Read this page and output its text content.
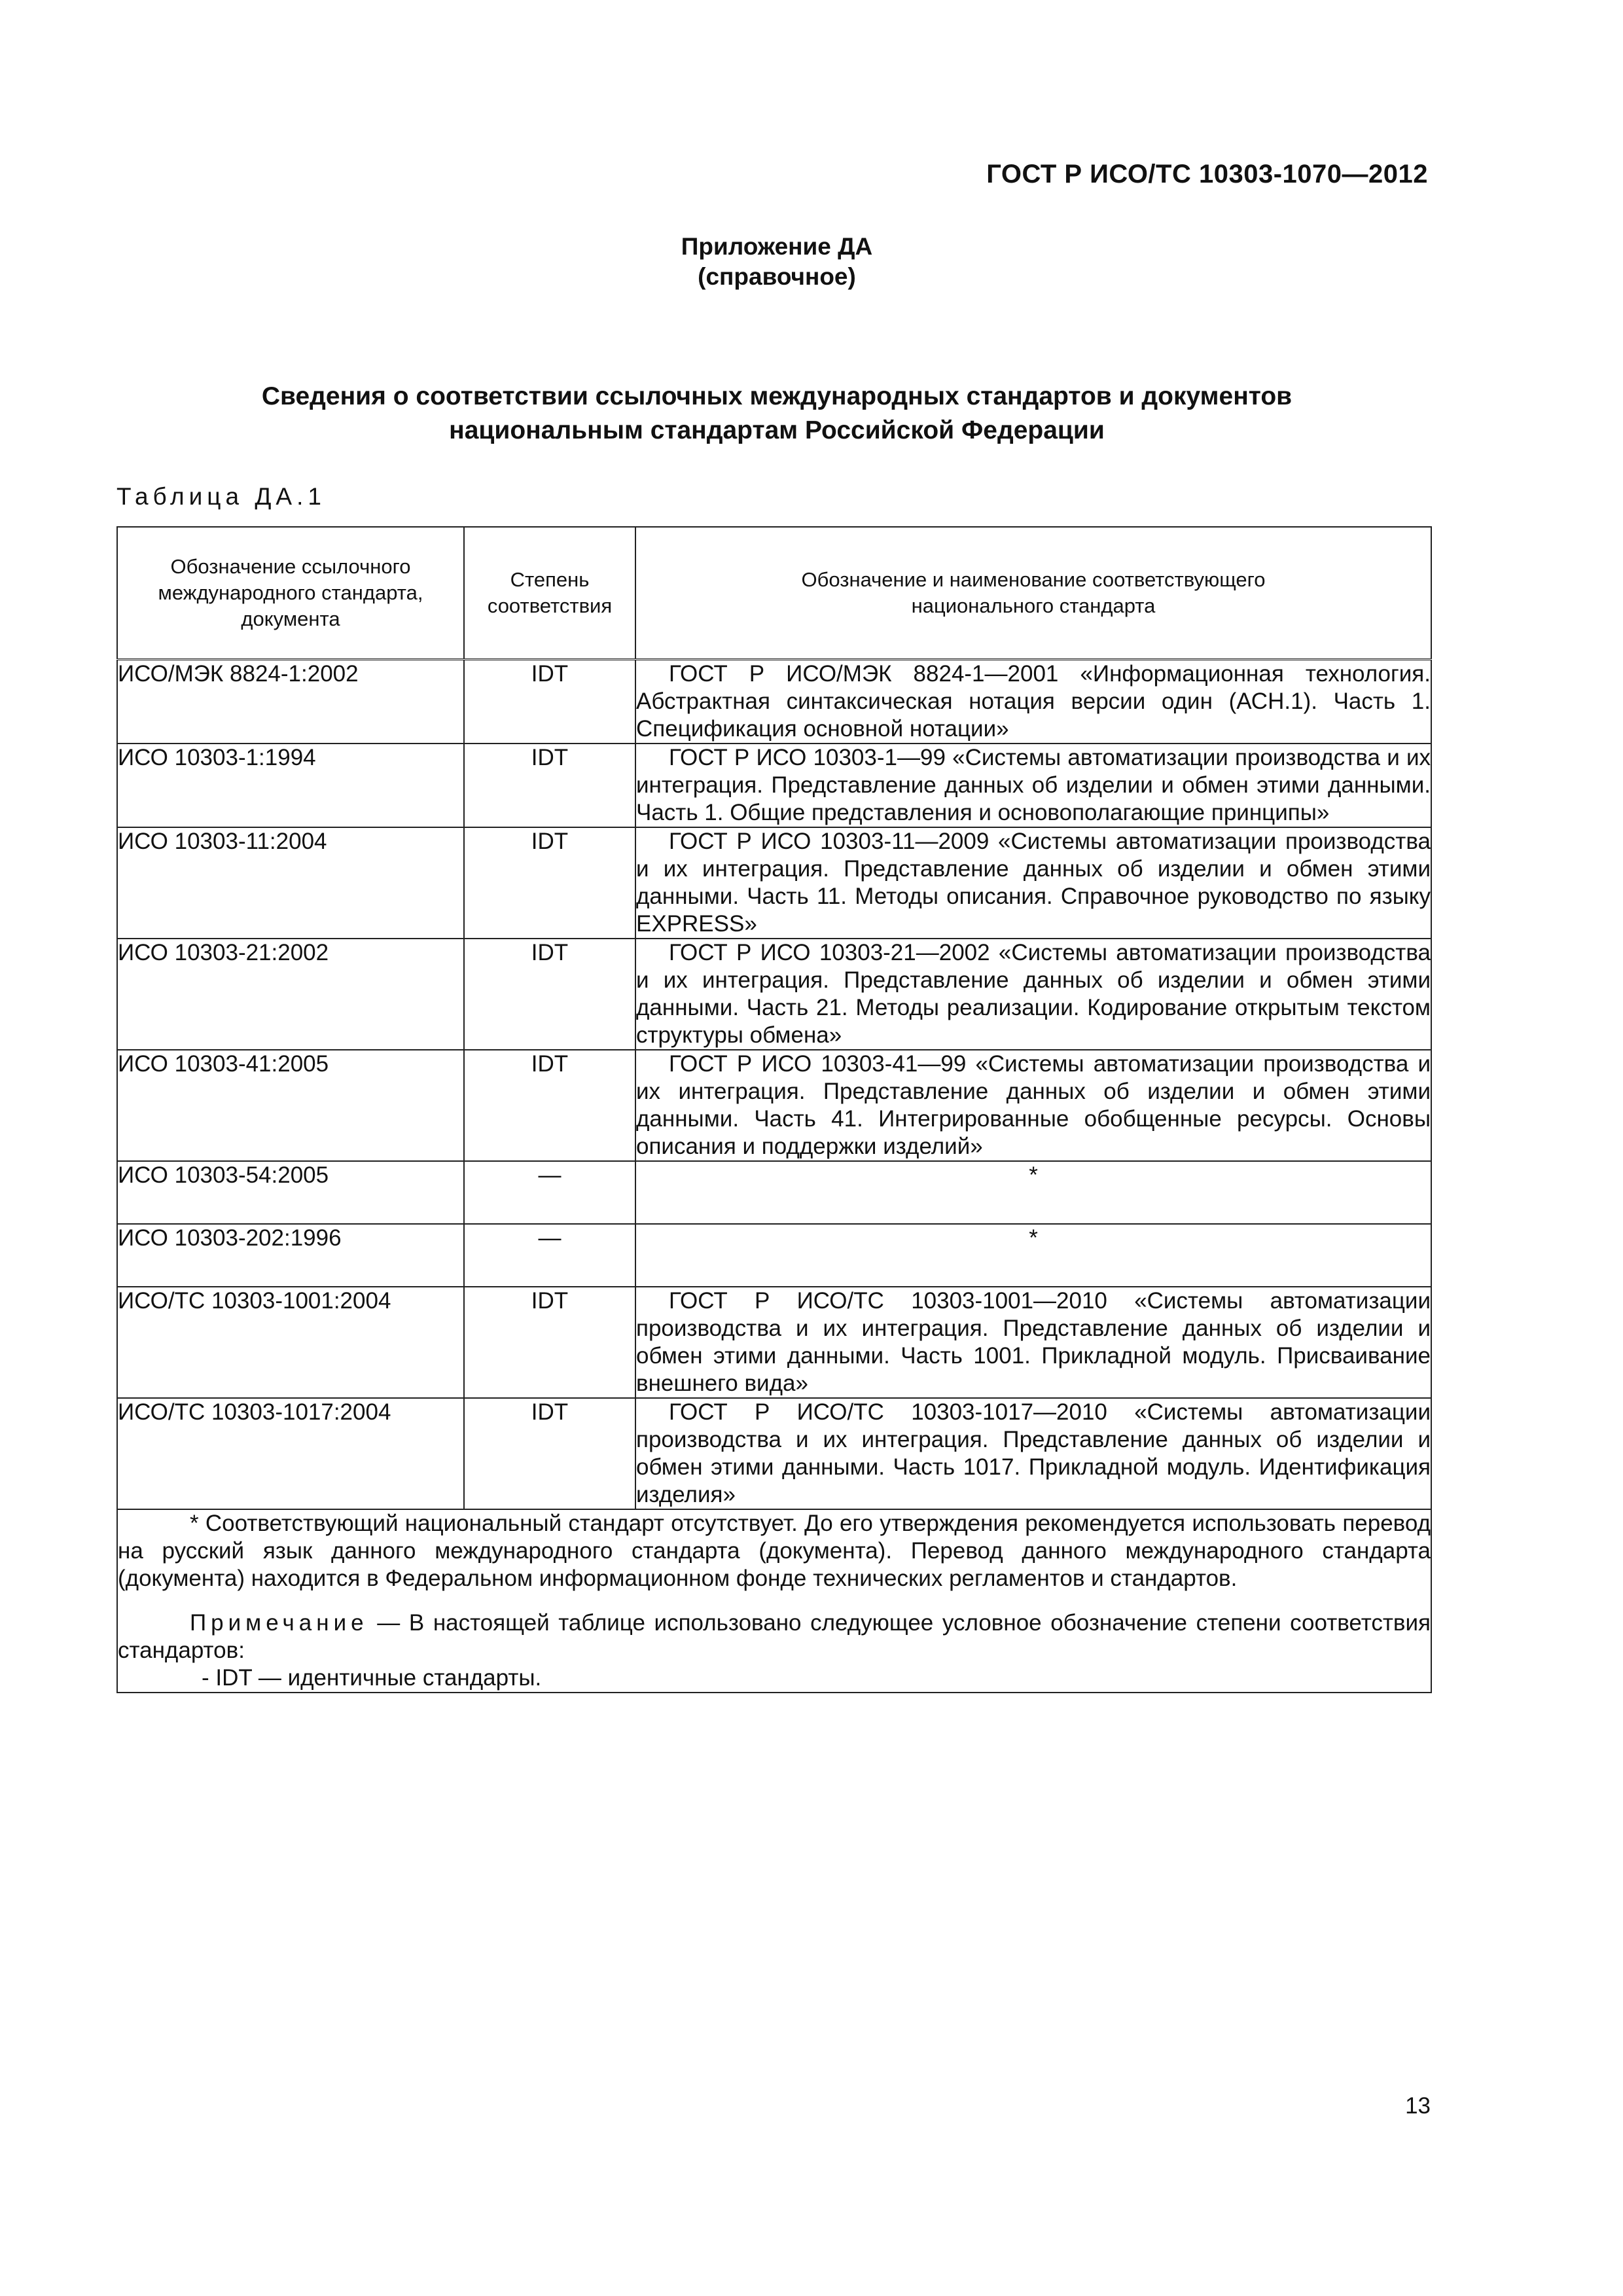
ГОСТ Р ИСО/ТС 10303-1070—2012
Приложение ДА
(справочное)
Сведения о соответствии ссылочных международных стандартов и документов
национальным стандартам Российской Федерации
Таблица ДА.1
Обозначение ссылочного международного стандарта, документа	Степень соответствия	Обозначение и наименование соответствующего национального стандарта

ИСО/МЭК 8824-1:2002	IDT	ГОСТ Р ИСО/МЭК 8824-1—2001 «Информационная технология. Абстрактная синтаксическая нотация версии один (АСН.1). Часть 1. Спецификация основной нотации»

ИСО 10303-1:1994	IDT	ГОСТ Р ИСО 10303-1—99 «Системы автоматизации производства и их интеграция. Представление данных об изделии и обмен этими данными. Часть 1. Общие представления и основополагающие принципы»

ИСО 10303-11:2004	IDT	ГОСТ Р ИСО 10303-11—2009 «Системы автоматизации производства и их интеграция. Представление данных об изделии и обмен этими данными. Часть 11. Методы описания. Справочное руководство по языку EXPRESS»

ИСО 10303-21:2002	IDT	ГОСТ Р ИСО 10303-21—2002 «Системы автоматизации производства и их интеграция. Представление данных об изделии и обмен этими данными. Часть 21. Методы реализации. Кодирование открытым текстом структуры обмена»

ИСО 10303-41:2005	IDT	ГОСТ Р ИСО 10303-41—99 «Системы автоматизации производства и их интеграция. Представление данных об изделии и обмен этими данными. Часть 41. Интегрированные обобщенные ресурсы. Основы описания и поддержки изделий»

ИСО 10303-54:2005	—	*
ИСО 10303-202:1996	—	*
ИСО/ТС 10303-1001:2004	IDT	ГОСТ Р ИСО/ТС 10303-1001—2010 «Системы автоматизации производства и их интеграция. Представление данных об изделии и обмен этими данными. Часть 1001. Прикладной модуль. Присваивание внешнего вида»

ИСО/ТС 10303-1017:2004	IDT	ГОСТ Р ИСО/ТС 10303-1017—2010 «Системы автоматизации производства и их интеграция. Представление данных об изделии и обмен этими данными. Часть 1017. Прикладной модуль. Идентификация изделия»

* Соответствующий национальный стандарт отсутствует. До его утверждения рекомендуется использовать перевод на русский язык данного международного стандарта (документа). Перевод данного международного стандарта (документа) находится в Федеральном информационном фонде технических регламентов и стандартов.

Примечание — В настоящей таблице использовано следующее условное обозначение степени соответствия стандартов:

- IDT — идентичные стандарты.		

13
